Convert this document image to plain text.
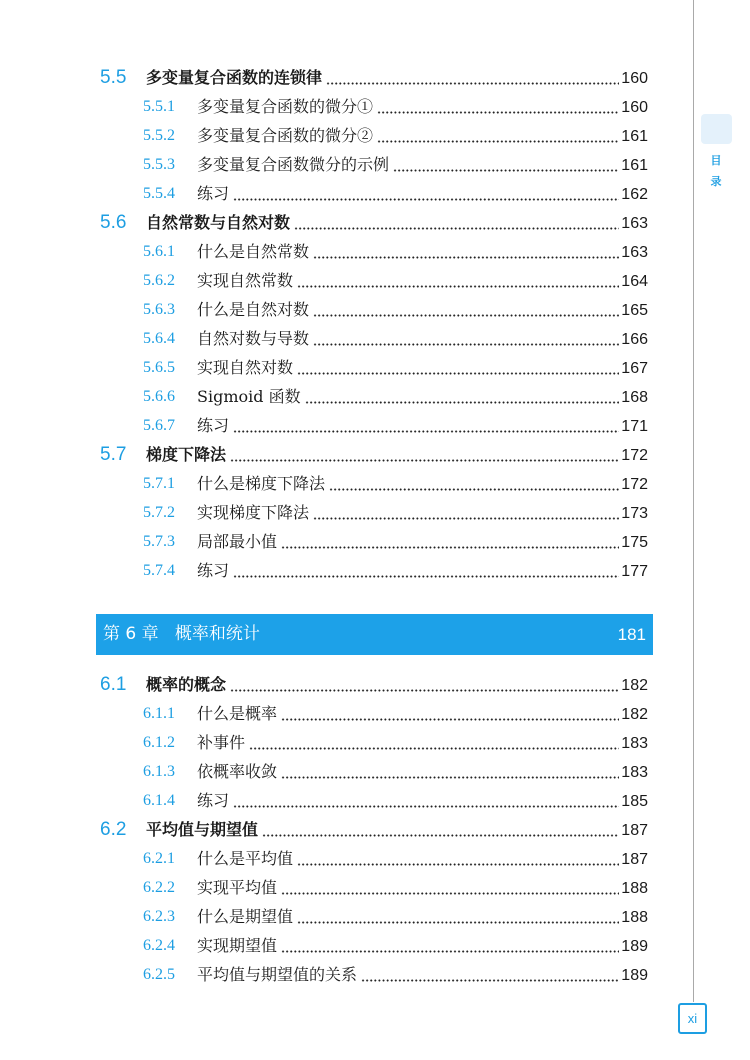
目
录
5.5 多变量复合函数的连锁律	160
5.5.1 多变量复合函数的微分①	160
5.5.2 多变量复合函数的微分②	161
5.5.3 多变量复合函数微分的示例	161
5.5.4 练习	162
5.6 自然常数与自然对数	163
5.6.1 什么是自然常数	163
5.6.2 实现自然常数	164
5.6.3 什么是自然对数	165
5.6.4 自然对数与导数	166
5.6.5 实现自然对数	167
5.6.6 Sigmoid 函数	168
5.6.7 练习	171
5.7 梯度下降法	172
5.7.1 什么是梯度下降法	172
5.7.2 实现梯度下降法	173
5.7.3 局部最小值	175
5.7.4 练习	177
第 6 章   概率和统计	181
6.1 概率的概念	182
6.1.1 什么是概率	182
6.1.2 补事件	183
6.1.3 依概率收敛	183
6.1.4 练习	185
6.2 平均值与期望值	187
6.2.1 什么是平均值	187
6.2.2 实现平均值	188
6.2.3 什么是期望值	188
6.2.4 实现期望值	189
6.2.5 平均值与期望值的关系	189
xi
